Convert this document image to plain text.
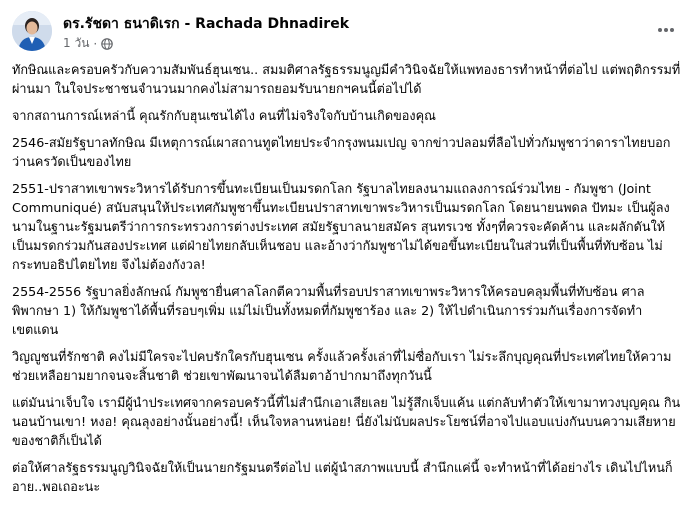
ดร.รัชดา ธนาดิเรก - Rachada Dhnadirek
1 วัน ·

ทักษิณและครอบครัวกับความสัมพันธ์ฮุนเซน.. สมมติศาลรัฐธรรมนูญมีคำวินิจฉัยให้แพทองธารทำหน้าที่ต่อไป แต่พฤติกรรมที่ผ่านมา ในใจประชาชนจำนวนมากคงไม่สามารถยอมรับนายกฯคนนี้ต่อไปได้

จากสถานการณ์เหล่านี้ คุณรักกับฮุนเซนได้ไง คนที่ไม่จริงใจกับบ้านเกิดของคุณ

2546-สมัยรัฐบาลทักษิณ มีเหตุการณ์เผาสถานทูตไทยประจำกรุงพนมเปญ จากข่าวปลอมที่ลือไปทั่วกัมพูชาว่าดาราไทยบอกว่านครวัดเป็นของไทย

2551-ปราสาทเขาพระวิหารได้รับการขึ้นทะเบียนเป็นมรดกโลก รัฐบาลไทยลงนามแถลงการณ์ร่วมไทย - กัมพูชา (Joint Communiqué) สนับสนุนให้ประเทศกัมพูชาขึ้นทะเบียนปราสาทเขาพระวิหารเป็นมรดกโลก โดยนายนพดล ปัทมะ เป็นผู้ลงนามในฐานะรัฐมนตรีว่าการกระทรวงการต่างประเทศ สมัยรัฐบาลนายสมัคร สุนทรเวช ทั้งๆที่ควรจะคัดค้าน และผลักดันให้เป็นมรดกร่วมกันสองประเทศ แต่ฝ่ายไทยกลับเห็นชอบ และอ้างว่ากัมพูชาไม่ได้ขอขึ้นทะเบียนในส่วนที่เป็นพื้นที่ทับซ้อน ไม่กระทบอธิปไตยไทย จึงไม่ต้องกังวล!

2554-2556 รัฐบาลยิ่งลักษณ์ กัมพูชายื่นศาลโลกตีความพื้นที่รอบปราสาทเขาพระวิหารให้ครอบคลุมพื้นที่ทับซ้อน ศาลพิพากษา 1) ให้กัมพูชาได้พื้นที่รอบๆเพิ่ม แม่ไม่เป็นทั้งหมดที่กัมพูชาร้อง และ 2) ให้ไปดำเนินการร่วมกันเรื่องการจัดทำเขตแดน

วิญญูชนที่รักชาติ คงไม่มีใครจะไปคบรักใครกับฮุนเซน ครั้งแล้วครั้งเล่าที่ไม่ซื่อกับเรา ไม่ระลึกบุญคุณที่ประเทศไทยให้ความช่วยเหลือยามยากจนจะสิ้นชาติ ช่วยเขาพัฒนาจนได้ลืมตาอ้าปากมาถึงทุกวันนี้

แต่มันน่าเจ็บใจ เรามีผู้นำประเทศจากครอบครัวนี้ที่ไม่สำนึกเอาเสียเลย ไม่รู้สึกเจ็บแค้น แต่กลับทำตัวให้เขามาทวงบุญคุณ กินนอนบ้านเขา! หงอ! คุณลุงอย่างนั้นอย่างนี้! เห็นใจหลานหน่อย! นี่ยังไม่นับผลประโยชน์ที่อาจไปแอบแบ่งกันบนความเสียหายของชาติก็เป็นได้

ต่อให้ศาลรัฐธรรมนูญวินิจฉัยให้เป็นนายกรัฐมนตรีต่อไป แต่ผู้นำสภาพแบบนี้ สำนึกแค่นี้ จะทำหน้าที่ได้อย่างไร เดินไปไหนก็อาย..พอเถอะนะ
